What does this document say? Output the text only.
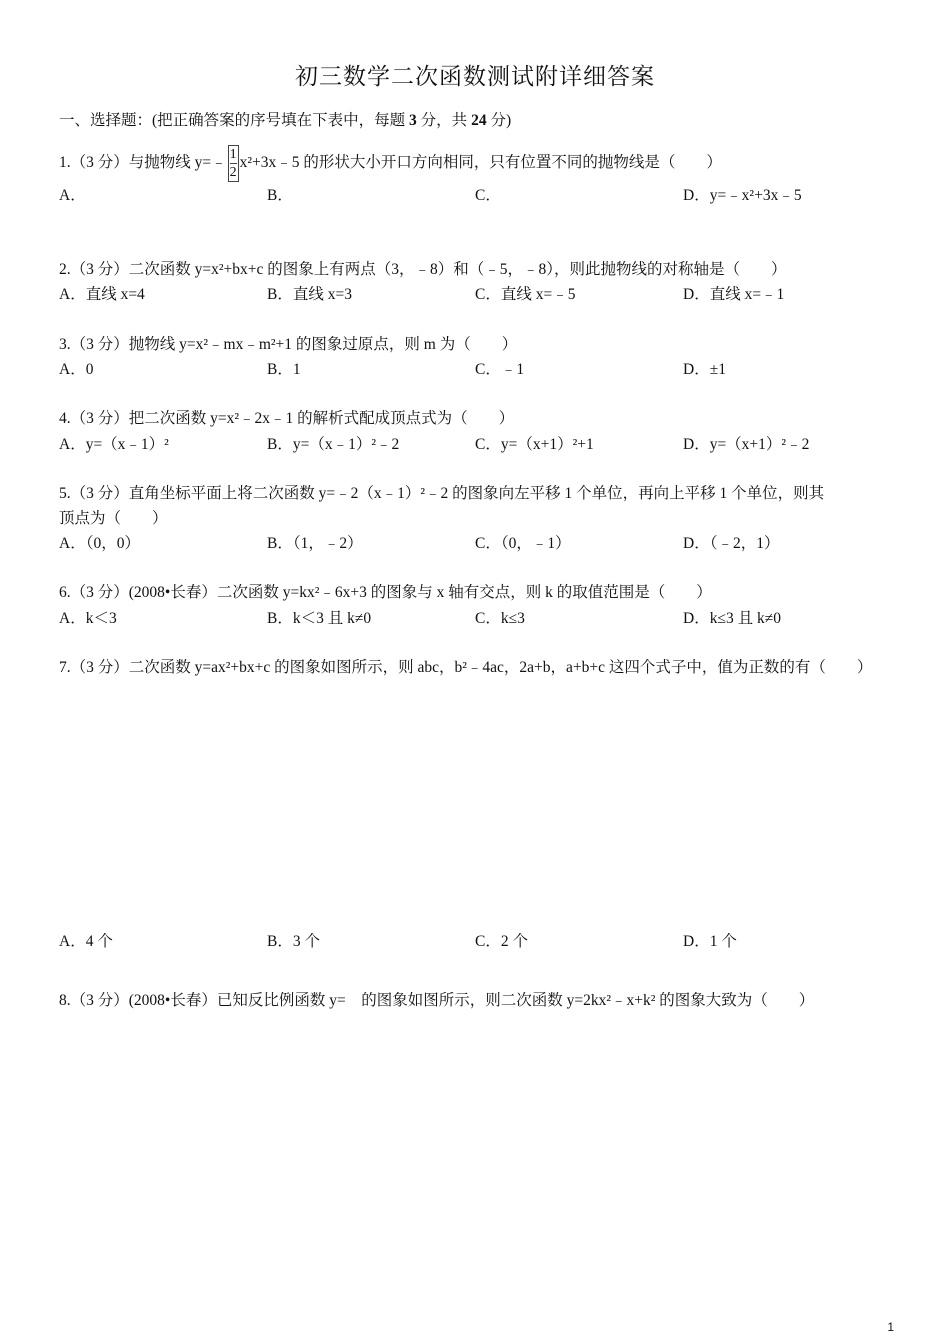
初三数学二次函数测试附详细答案
一、选择题：(把正确答案的序号填在下表中，每题 3 分，共 24 分)
1.（3 分）与抛物线 y=﹣ $\frac{1}{2}$ x²+3x﹣5 的形状大小开口方向相同，只有位置不同的抛物线是（　　）
A．	B．	C．	D．y=﹣x²+3x﹣5
2.（3 分）二次函数 y=x²+bx+c 的图象上有两点（3，﹣8）和（﹣5，﹣8），则此抛物线的对称轴是（　　）
A．直线 x=4	B．直线 x=3	C．直线 x=﹣5	D．直线 x=﹣1
3.（3 分）抛物线 y=x²﹣mx﹣m²+1 的图象过原点，则 m 为（　　）
A．0	B．1	C．﹣1	D．±1
4.（3 分）把二次函数 y=x²﹣2x﹣1 的解析式配成顶点式为（　　）
A．y=（x﹣1）²	B．y=（x﹣1）²﹣2	C．y=（x+1）²+1	D．y=（x+1）²﹣2
5.（3 分）直角坐标平面上将二次函数 y=﹣2（x﹣1）²﹣2 的图象向左平移 1 个单位，再向上平移 1 个单位，则其
顶点为（　　）
A．（0，0）	B．（1，﹣2）	C．（0，﹣1）	D．（﹣2，1）
6.（3 分）(2008•长春）二次函数 y=kx²﹣6x+3 的图象与 x 轴有交点，则 k 的取值范围是（　　）
A．k＜3	B．k＜3 且 k≠0	C．k≤3	D．k≤3 且 k≠0
7.（3 分）二次函数 y=ax²+bx+c 的图象如图所示，则 abc，b²﹣4ac，2a+b，a+b+c 这四个式子中，值为正数的有（　　）
A．4 个	B．3 个	C．2 个	D．1 个
8.（3 分）(2008•长春）已知反比例函数 y=　的图象如图所示，则二次函数 y=2kx²﹣x+k² 的图象大致为（　　）
1
